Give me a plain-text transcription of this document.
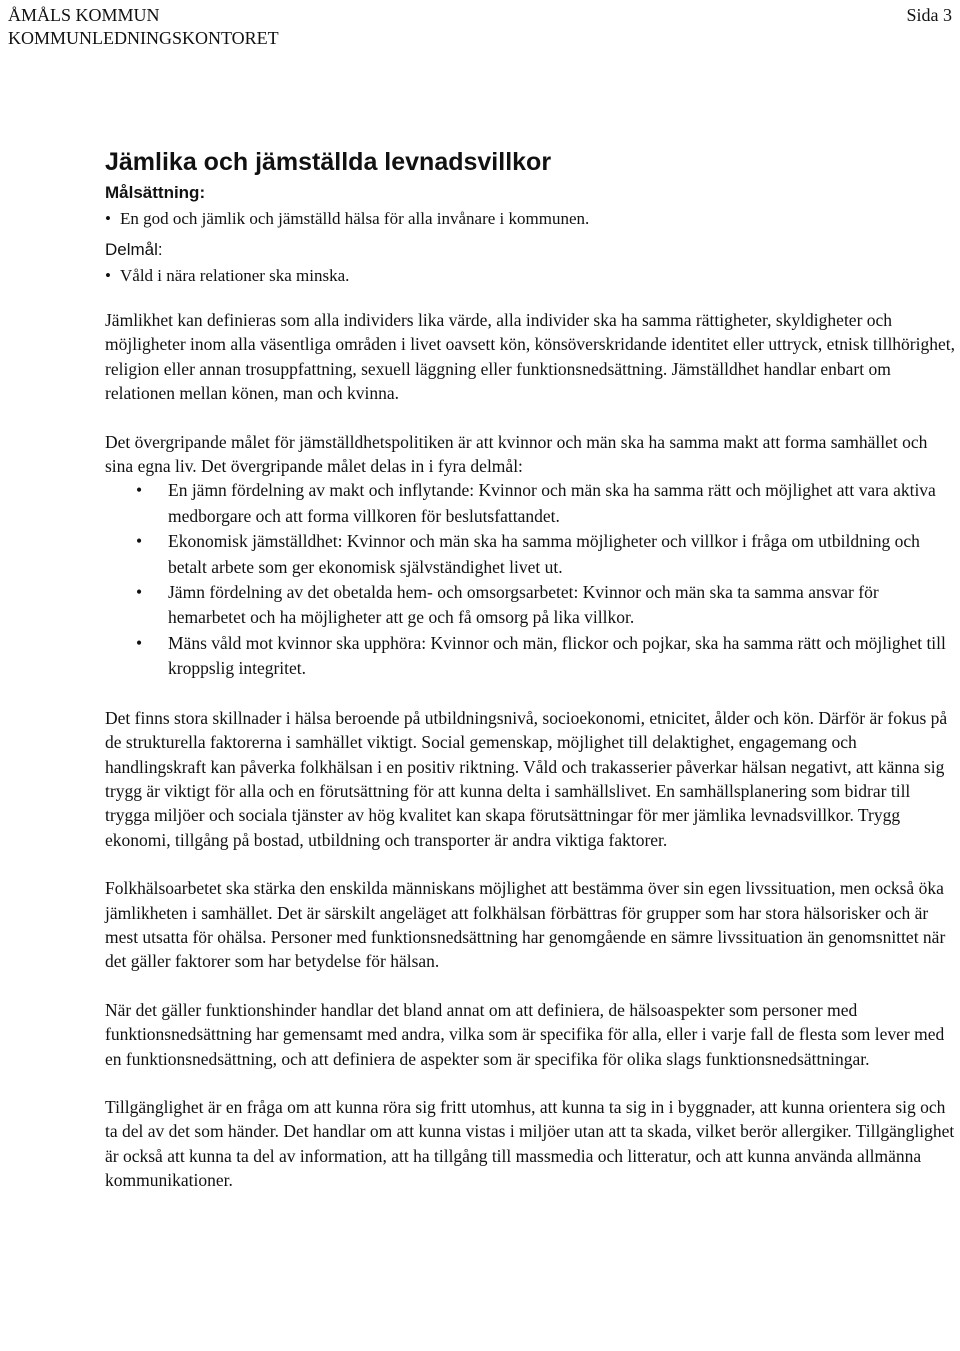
ÅMÅLS KOMMUN
KOMMUNLEDNINGSKONTORET
Sida 3
Jämlika och jämställda levnadsvillkor
Målsättning:
• En god och jämlik och jämställd hälsa för alla invånare i kommunen.
Delmål:
• Våld i nära relationer ska minska.

Jämlikhet kan definieras som alla individers lika värde, alla individer ska ha samma rättigheter, skyldigheter och möjligheter inom alla väsentliga områden i livet oavsett kön, könsöverskridande identitet eller uttryck, etnisk tillhörighet, religion eller annan trosuppfattning, sexuell läggning eller funktionsnedsättning. Jämställdhet handlar enbart om relationen mellan könen, man och kvinna.

Det övergripande målet för jämställdhetspolitiken är att kvinnor och män ska ha samma makt att forma samhället och sina egna liv. Det övergripande målet delas in i fyra delmål:

• En jämn fördelning av makt och inflytande: Kvinnor och män ska ha samma rätt och möjlighet att vara aktiva medborgare och att forma villkoren för beslutsfattandet.
• Ekonomisk jämställdhet: Kvinnor och män ska ha samma möjligheter och villkor i fråga om utbildning och betalt arbete som ger ekonomisk självständighet livet ut.
• Jämn fördelning av det obetalda hem- och omsorgsarbetet: Kvinnor och män ska ta samma ansvar för hemarbetet och ha möjligheter att ge och få omsorg på lika villkor.
• Mäns våld mot kvinnor ska upphöra: Kvinnor och män, flickor och pojkar, ska ha samma rätt och möjlighet till kroppslig integritet.

Det finns stora skillnader i hälsa beroende på utbildningsnivå, socioekonomi, etnicitet, ålder och kön. Därför är fokus på de strukturella faktorerna i samhället viktigt. Social gemenskap, möjlighet till delaktighet, engagemang och handlingskraft kan påverka folkhälsan i en positiv riktning. Våld och trakasserier påverkar hälsan negativt, att känna sig trygg är viktigt för alla och en förutsättning för att kunna delta i samhällslivet. En samhällsplanering som bidrar till trygga miljöer och sociala tjänster av hög kvalitet kan skapa förutsättningar för mer jämlika levnadsvillkor. Trygg ekonomi, tillgång på bostad, utbildning och transporter är andra viktiga faktorer.

Folkhälsoarbetet ska stärka den enskilda människans möjlighet att bestämma över sin egen livssituation, men också öka jämlikheten i samhället. Det är särskilt angeläget att folkhälsan förbättras för grupper som har stora hälsorisker och är mest utsatta för ohälsa. Personer med funktionsnedsättning har genomgående en sämre livssituation än genomsnittet när det gäller faktorer som har betydelse för hälsan.

När det gäller funktionshinder handlar det bland annat om att definiera, de hälsoaspekter som personer med funktionsnedsättning har gemensamt med andra, vilka som är specifika för alla, eller i varje fall de flesta som lever med en funktionsnedsättning, och att definiera de aspekter som är specifika för olika slags funktionsnedsättningar.

Tillgänglighet är en fråga om att kunna röra sig fritt utomhus, att kunna ta sig in i byggnader, att kunna orientera sig och ta del av det som händer. Det handlar om att kunna vistas i miljöer utan att ta skada, vilket berör allergiker. Tillgänglighet är också att kunna ta del av information, att ha tillgång till massmedia och litteratur, och att kunna använda allmänna kommunikationer.
